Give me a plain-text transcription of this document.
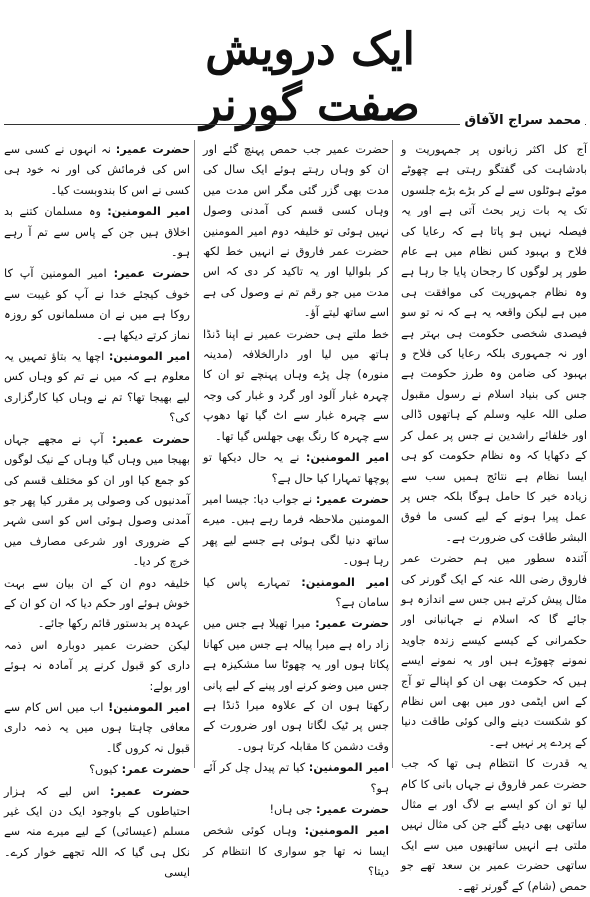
ایک درویش صفت گورنر	محمد سراج الآفاق

آج کل اکثر زبانوں پر جمہوریت و بادشاہت کی گفتگو رہتی ہے چھوٹے موٹے ہوٹلوں سے لے کر بڑے بڑے جلسوں تک یہ بات زیر بحث آتی ہے اور یہ فیصلہ نہیں ہو پاتا ہے کہ رعایا کی فلاح و بہبود کس نظام میں ہے عام طور پر لوگوں کا رجحان پایا جا رہا ہے وہ نظام جمہوریت کی موافقت ہی میں ہے لیکن واقعہ یہ ہے کہ نہ تو سو فیصدی شخصی حکومت ہی بہتر ہے اور نہ جمہوری بلکہ رعایا کی فلاح و بہبود کی ضامن وہ طرز حکومت ہے جس کی بنیاد اسلام نے رسول مقبول صلی اللہ علیہ وسلم کے ہاتھوں ڈالی اور خلفائے راشدین نے جس پر عمل کر کے دکھایا کہ وہ نظام حکومت کو ہی ایسا نظام ہے نتائج ہمیں سب سے زیادہ خیر کا حامل ہوگا بلکہ جس پر عمل پیرا ہونے کے لیے کسی ما فوق البشر طاقت کی ضرورت ہے۔

آئندہ سطور میں ہم حضرت عمر فاروق رضی اللہ عنہ کے ایک گورنر کی مثال پیش کرتے ہیں جس سے اندازہ ہو جائے گا کہ اسلام نے جہانبانی اور حکمرانی کے کیسے کیسے زندہ جاوید نمونے چھوڑے ہیں اور یہ نمونے ایسے ہیں کہ حکومت بھی ان کو اپنالے تو آج کے اس ایٹمی دور میں بھی اس نظام کو شکست دینے والی کوئی طاقت دنیا کے پردے پر نہیں ہے۔

یہ قدرت کا انتظام ہی تھا کہ جب حضرت عمر فاروق نے جہاں بانی کا کام لیا تو ان کو ایسے بے لاگ اور بے مثال ساتھی بھی دیئے گئے جن کی مثال نہیں ملتی ہے انہیں ساتھیوں میں سے ایک ساتھی حضرت عمیر بن سعد تھے جو حمص (شام) کے گورنر تھے۔

حضرت عمیر جب حمص پہنچ گئے اور ان کو وہاں رہتے ہوئے ایک سال کی مدت بھی گزر گئی مگر اس مدت میں وہاں کسی قسم کی آمدنی وصول نہیں ہوئی تو خلیفہ دوم امیر المومنین حضرت عمر فاروق نے انہیں خط لکھ کر بلوالیا اور یہ تاکید کر دی کہ اس مدت میں جو رقم تم نے وصول کی ہے اسے ساتھ لیتے آؤ۔

خط ملتے ہی حضرت عمیر نے اپنا ڈنڈا ہاتھ میں لیا اور دارالخلافہ (مدینہ منورہ) چل پڑے وہاں پہنچے تو ان کا چہرہ غبار آلود اور گرد و غبار کی وجہ سے چہرہ غبار سے اٹ گیا تھا دھوپ سے چہرہ کا رنگ بھی جھلس گیا تھا۔

امیر المومنین: نے یہ حال دیکھا تو پوچھا تمہارا کیا حال ہے؟

حضرت عمیر: نے جواب دیا: جیسا امیر المومنین ملاحظہ فرما رہے ہیں۔ میرے ساتھ دنیا لگی ہوئی ہے جسے لیے پھر رہا ہوں۔

امیر المومنین: تمہارے پاس کیا سامان ہے؟

حضرت عمیر: میرا تھیلا ہے جس میں زاد راہ ہے میرا پیالہ ہے جس میں کھانا پکاتا ہوں اور یہ چھوٹا سا مشکیزہ ہے جس میں وضو کرنے اور پینے کے لیے پانی رکھتا ہوں ان کے علاوہ میرا ڈنڈا ہے جس پر ٹیک لگاتا ہوں اور ضرورت کے وقت دشمن کا مقابلہ کرتا ہوں۔

امیر المومنین: کیا تم پیدل چل کر آئے ہو؟

حضرت عمیر: جی ہاں!

امیر المومنین: وہاں کوئی شخص ایسا نہ تھا جو سواری کا انتظام کر دیتا؟

حضرت عمیر: نہ انہوں نے کسی سے اس کی فرمائش کی اور نہ خود ہی کسی نے اس کا بندوبست کیا۔

امیر المومنین: وہ مسلمان کتنے بد اخلاق ہیں جن کے پاس سے تم آ رہے ہو۔

حضرت عمیر: امیر المومنین آپ کا خوف کیجئے خدا نے آپ کو غیبت سے روکا ہے میں نے ان مسلمانوں کو روزہ نماز کرتے دیکھا ہے۔

امیر المومنین: اچھا یہ بتاؤ تمہیں یہ معلوم ہے کہ میں نے تم کو وہاں کس لیے بھیجا تھا؟ تم نے وہاں کیا کارگزاری کی؟

حضرت عمیر: آپ نے مجھے جہاں بھیجا میں وہاں گیا وہاں کے نیک لوگوں کو جمع کیا اور ان کو مختلف قسم کی آمدنیوں کی وصولی پر مقرر کیا پھر جو آمدنی وصول ہوئی اس کو اسی شہر کے ضروری اور شرعی مصارف میں خرچ کر دیا۔

خلیفہ دوم ان کے ان بیان سے بہت خوش ہوئے اور حکم دیا کہ ان کو ان کے عہدہ پر بدستور قائم رکھا جائے۔

لیکن حضرت عمیر دوبارہ اس ذمہ داری کو قبول کرنے پر آمادہ نہ ہوئے اور بولے:

امیر المومنین! اب میں اس کام سے معافی چاہتا ہوں میں یہ ذمہ داری قبول نہ کروں گا۔

حضرت عمر: کیوں؟

حضرت عمیر: اس لیے کہ ہزار احتیاطوں کے باوجود ایک دن ایک غیر مسلم (عیسائی) کے لیے میرے منہ سے نکل ہی گیا کہ اللہ تجھے خوار کرے۔ ایسی
